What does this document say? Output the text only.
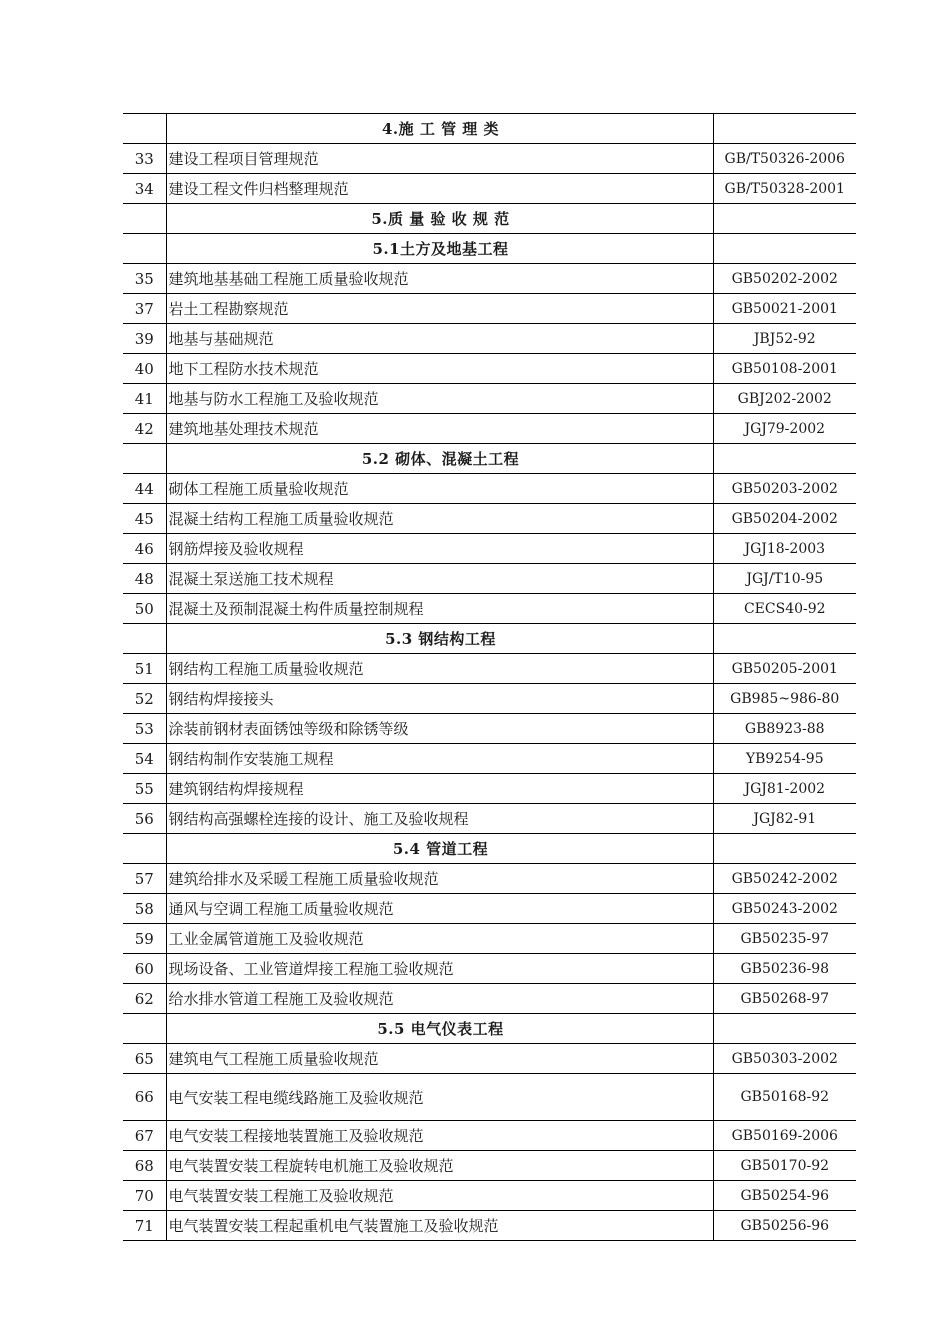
	4.施 工 管 理 类	
33	建设工程项目管理规范	GB/T50326-2006
34	建设工程文件归档整理规范	GB/T50328-2001
	5.质 量 验 收 规 范	
	5.1土方及地基工程	
35	建筑地基基础工程施工质量验收规范	GB50202-2002
37	岩土工程勘察规范	GB50021-2001
39	地基与基础规范	JBJ52-92
40	地下工程防水技术规范	GB50108-2001
41	地基与防水工程施工及验收规范	GBJ202-2002
42	建筑地基处理技术规范	JGJ79-2002
	5.2 砌体、混凝土工程	
44	砌体工程施工质量验收规范	GB50203-2002
45	混凝土结构工程施工质量验收规范	GB50204-2002
46	钢筋焊接及验收规程	JGJ18-2003
48	混凝土泵送施工技术规程	JGJ/T10-95
50	混凝土及预制混凝土构件质量控制规程	CECS40-92
	5.3 钢结构工程	
51	钢结构工程施工质量验收规范	GB50205-2001
52	钢结构焊接接头	GB985~986-80
53	涂装前钢材表面锈蚀等级和除锈等级	GB8923-88
54	钢结构制作安装施工规程	YB9254-95
55	建筑钢结构焊接规程	JGJ81-2002
56	钢结构高强螺栓连接的设计、施工及验收规程	JGJ82-91
	5.4 管道工程	
57	建筑给排水及采暖工程施工质量验收规范	GB50242-2002
58	通风与空调工程施工质量验收规范	GB50243-2002
59	工业金属管道施工及验收规范	GB50235-97
60	现场设备、工业管道焊接工程施工验收规范	GB50236-98
62	给水排水管道工程施工及验收规范	GB50268-97
	5.5 电气仪表工程	
65	建筑电气工程施工质量验收规范	GB50303-2002
66	电气安装工程电缆线路施工及验收规范	GB50168-92
67	电气安装工程接地装置施工及验收规范	GB50169-2006
68	电气装置安装工程旋转电机施工及验收规范	GB50170-92
70	电气装置安装工程施工及验收规范	GB50254-96
71	电气装置安装工程起重机电气装置施工及验收规范	GB50256-96
